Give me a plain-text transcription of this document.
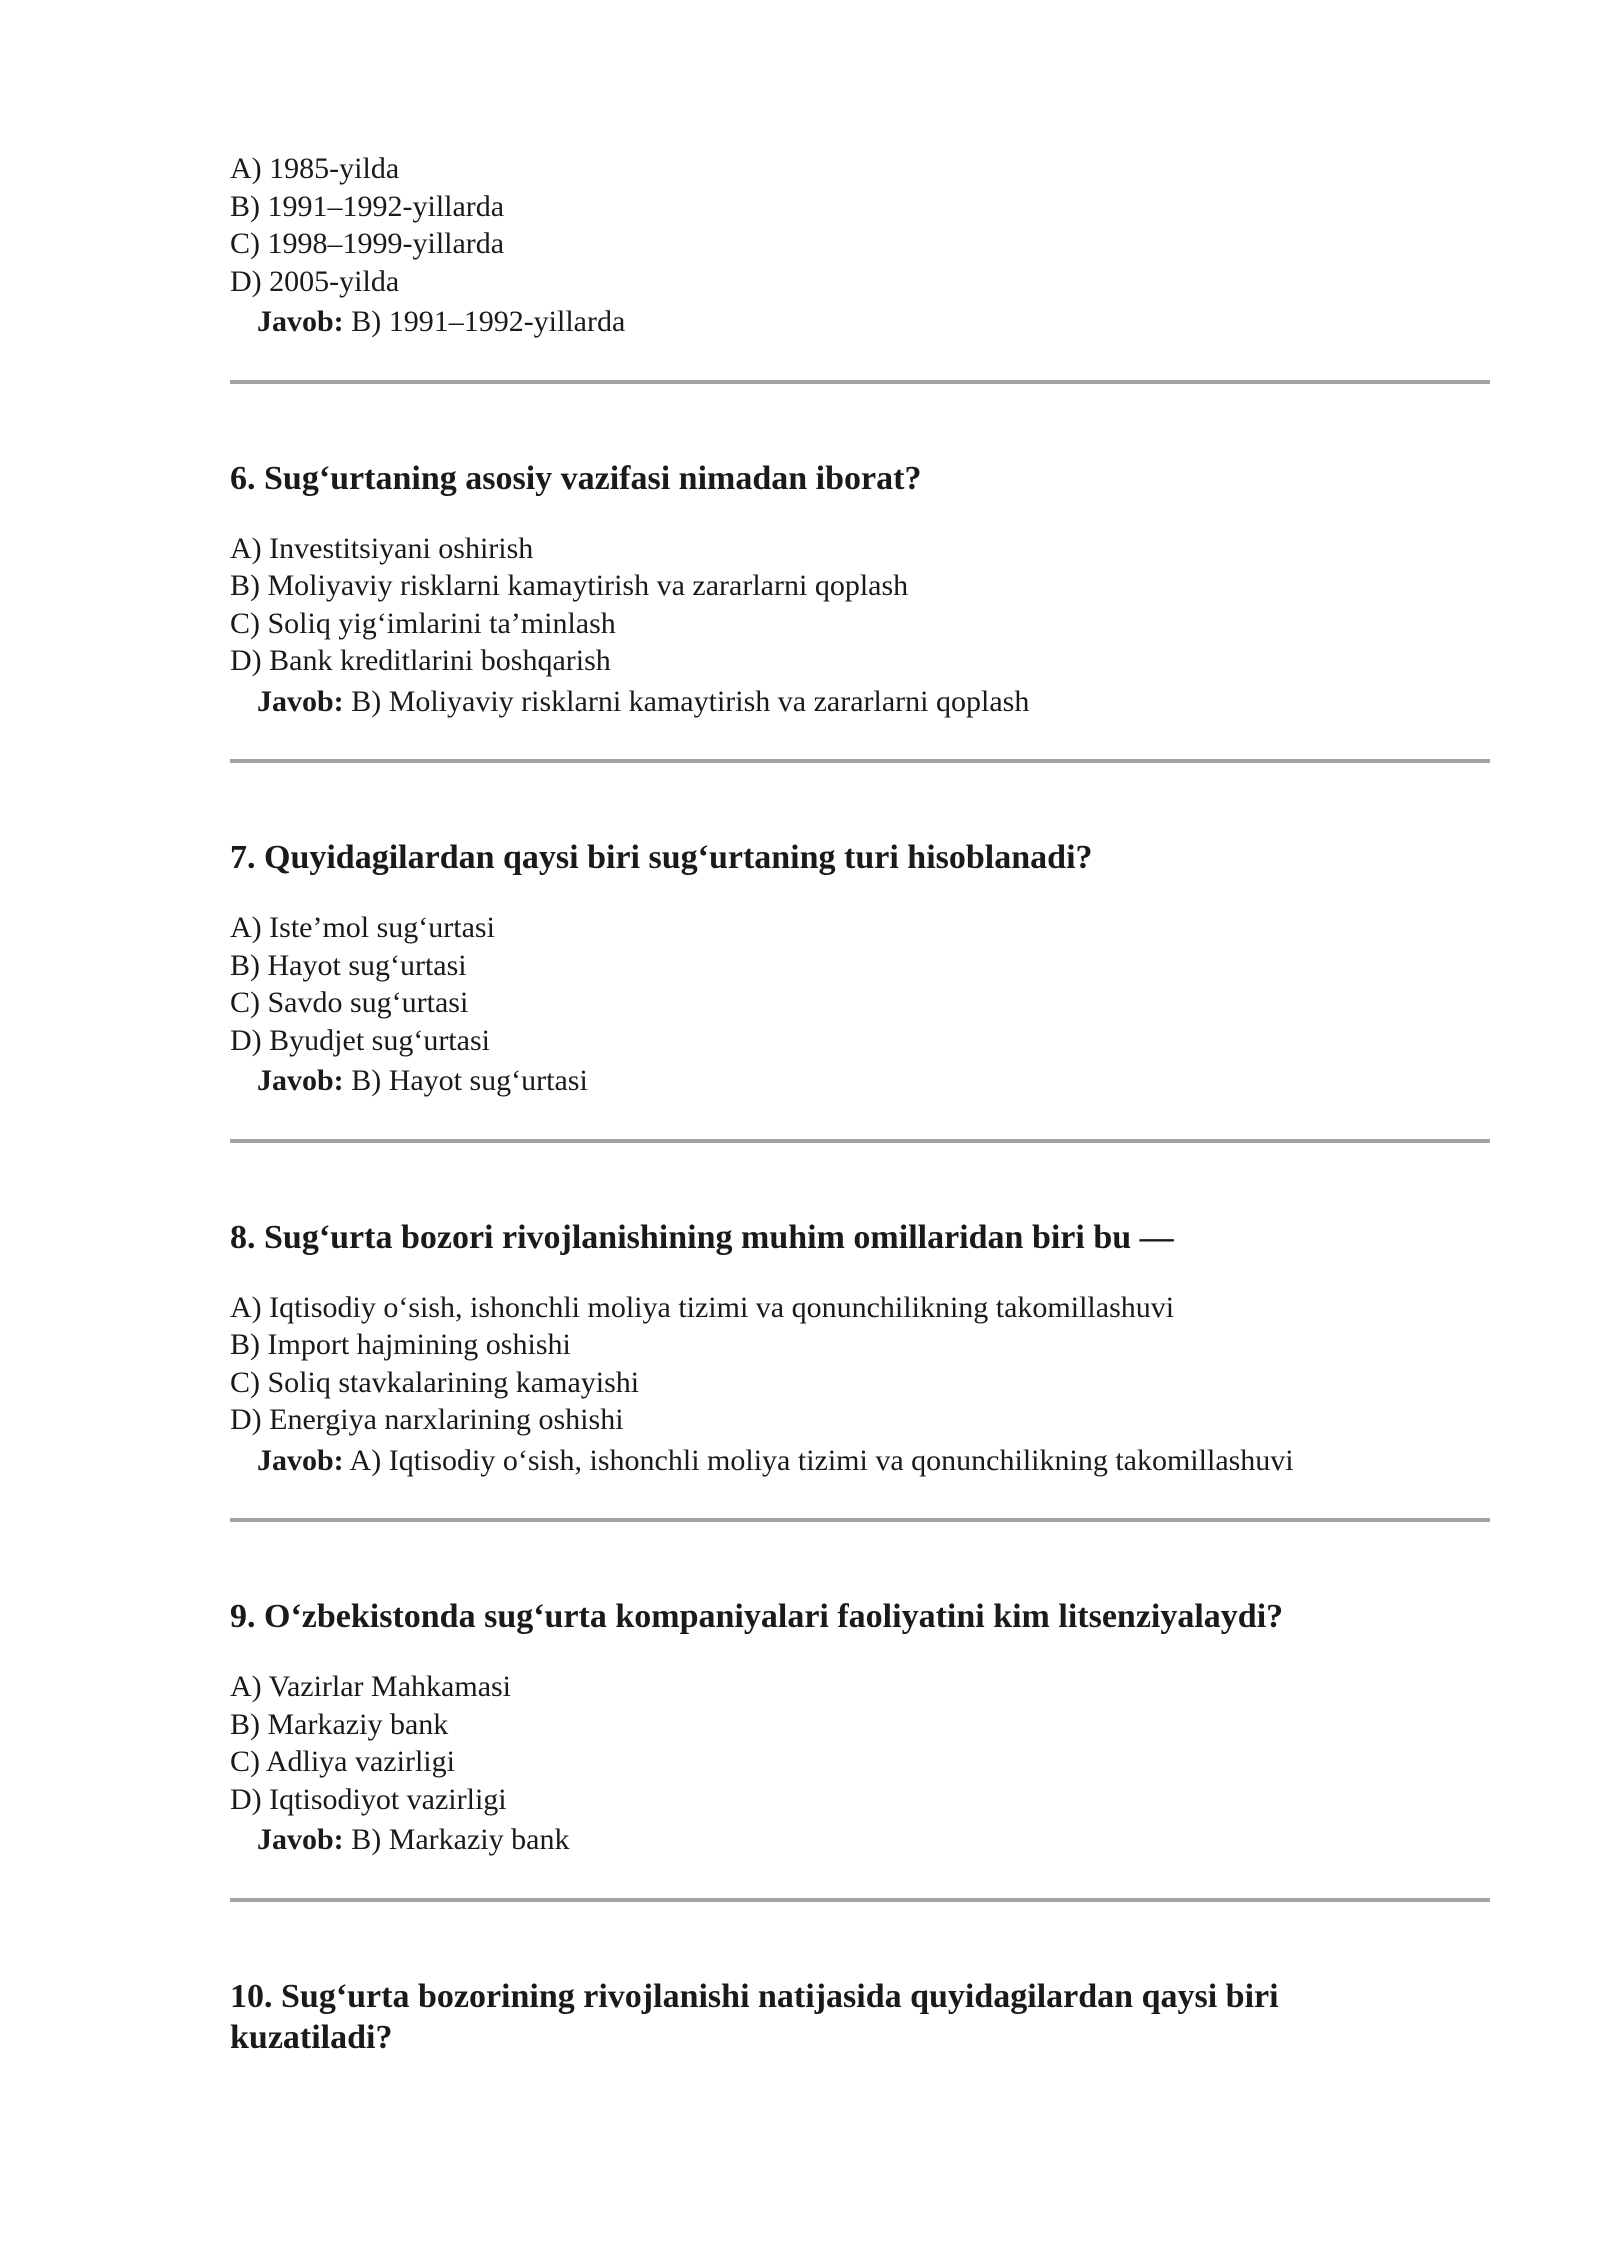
A) 1985-yilda

B) 1991–1992-yillarda

C) 1998–1999-yillarda

D) 2005-yilda

Javob: B) 1991–1992-yillarda

6. Sug‘urtaning asosiy vazifasi nimadan iborat?

A) Investitsiyani oshirish

B) Moliyaviy risklarni kamaytirish va zararlarni qoplash

C) Soliq yig‘imlarini ta’minlash

D) Bank kreditlarini boshqarish

Javob: B) Moliyaviy risklarni kamaytirish va zararlarni qoplash

7. Quyidagilardan qaysi biri sug‘urtaning turi hisoblanadi?

A) Iste’mol sug‘urtasi

B) Hayot sug‘urtasi

C) Savdo sug‘urtasi

D) Byudjet sug‘urtasi

Javob: B) Hayot sug‘urtasi

8. Sug‘urta bozori rivojlanishining muhim omillaridan biri bu —

A) Iqtisodiy o‘sish, ishonchli moliya tizimi va qonunchilikning takomillashuvi

B) Import hajmining oshishi

C) Soliq stavkalarining kamayishi

D) Energiya narxlarining oshishi

Javob: A) Iqtisodiy o‘sish, ishonchli moliya tizimi va qonunchilikning takomillashuvi

9. O‘zbekistonda sug‘urta kompaniyalari faoliyatini kim litsenziyalaydi?

A) Vazirlar Mahkamasi

B) Markaziy bank

C) Adliya vazirligi

D) Iqtisodiyot vazirligi

Javob: B) Markaziy bank

10. Sug‘urta bozorining rivojlanishi natijasida quyidagilardan qaysi biri

kuzatiladi?
